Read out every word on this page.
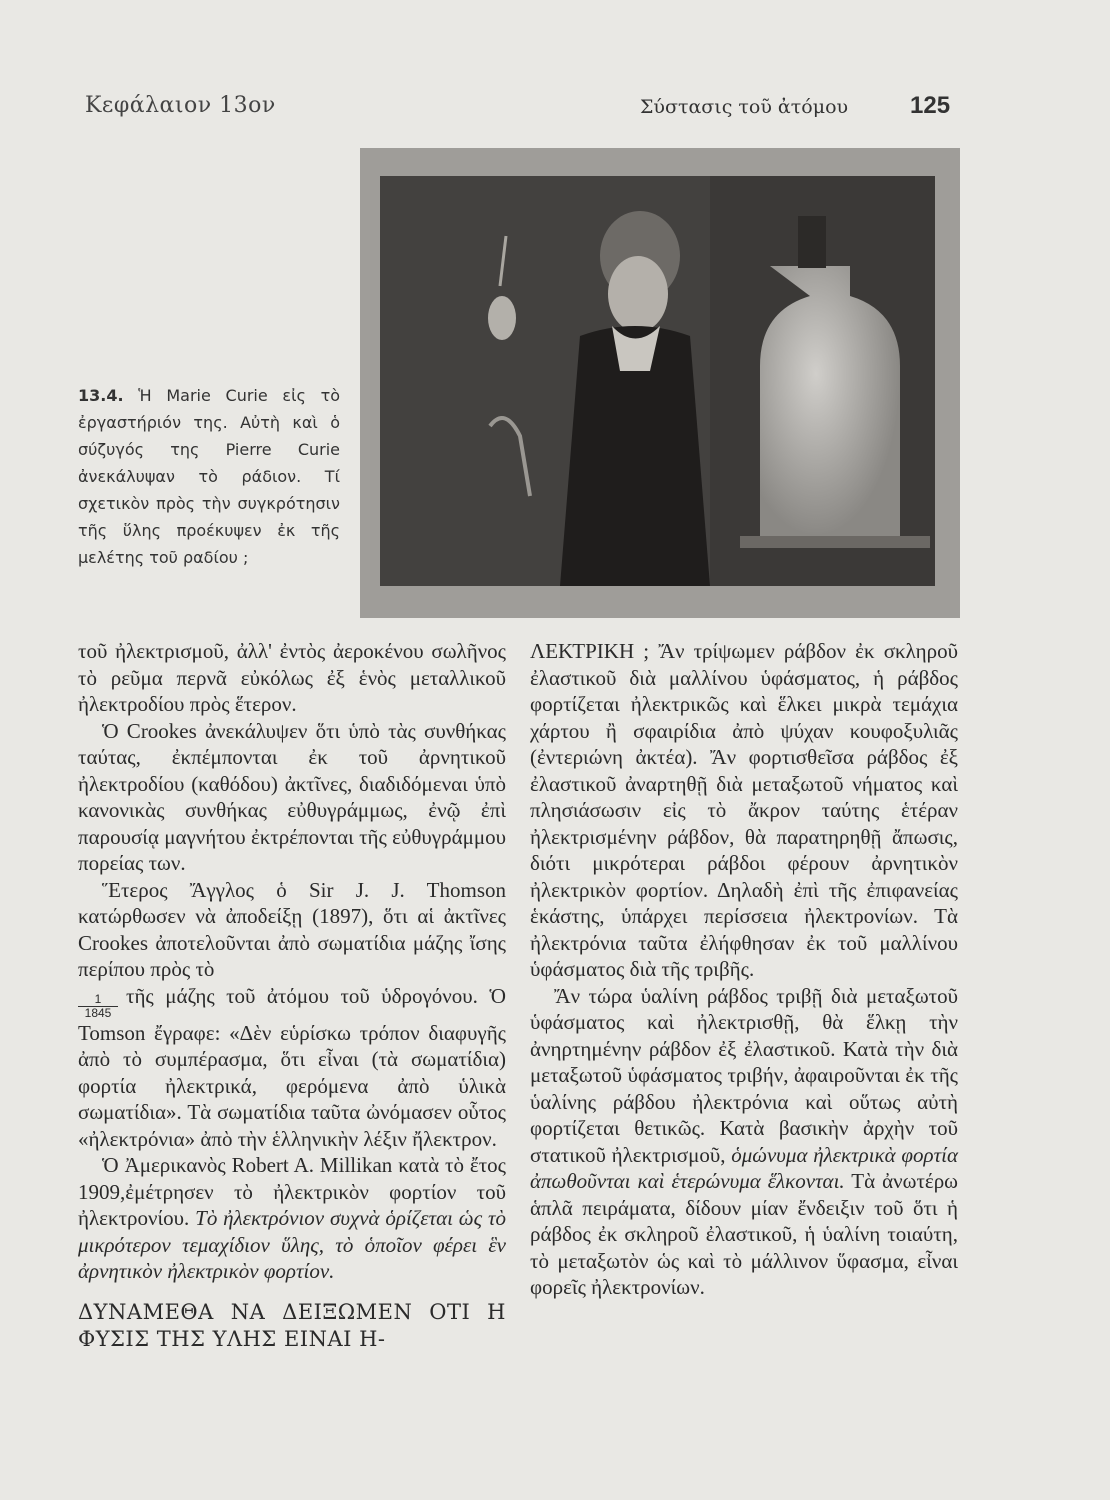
Κεφάλαιον 13ον	Σύστασις τοῦ ἀτόμου	125
13.4. Ἡ Marie Curie εἰς τὸ ἐργαστήριόν της. Αὐτὴ καὶ ὁ σύζυγός της Pierre Curie ἀνεκάλυψαν τὸ ράδιον. Τί σχετικὸν πρὸς τὴν συγκρότησιν τῆς ὕλης προέκυψεν ἐκ τῆς μελέτης τοῦ ραδίου ;

τοῦ ἠλεκτρισμοῦ, ἀλλ' ἐντὸς ἀεροκένου σωλῆνος τὸ ρεῦμα περνᾶ εὐκόλως ἐξ ἑνὸς μεταλλικοῦ ἠλεκτροδίου πρὸς ἕτερον.

Ὁ Crookes ἀνεκάλυψεν ὅτι ὑπὸ τὰς συνθήκας ταύτας, ἐκπέμπονται ἐκ τοῦ ἀρνητικοῦ ἠλεκτροδίου (καθόδου) ἀκτῖνες, διαδιδόμεναι ὑπὸ κανονικὰς συνθήκας εὐθυγράμμως, ἐνῷ ἐπὶ παρουσίᾳ μαγνήτου ἐκτρέπονται τῆς εὐθυγράμμου πορείας των.

Ἕτερος Ἄγγλος ὁ Sir J. J. Thomson κατώρθωσεν νὰ ἀποδείξῃ (1897), ὅτι αἱ ἀκτῖνες Crookes ἀποτελοῦνται ἀπὸ σωματίδια μάζης ἴσης περίπου πρὸς τὸ

$\frac{1}{1845}$ τῆς μάζης τοῦ ἀτόμου τοῦ ὑδρογόνου. Ὁ Tomson ἔγραφε: «Δὲν εὑρίσκω τρόπον διαφυγῆς ἀπὸ τὸ συμπέρασμα, ὅτι εἶναι (τὰ σωματίδια) φορτία ἠλεκτρικά, φερόμενα ἀπὸ ὑλικὰ σωματίδια». Τὰ σωματίδια ταῦτα ὠνόμασεν οὗτος «ἠλεκτρόνια» ἀπὸ τὴν ἑλληνικὴν λέξιν ἤλεκτρον.

Ὁ Ἀμερικανὸς Robert A. Millikan κατὰ τὸ ἔτος 1909,ἐμέτρησεν τὸ ἠλεκτρικὸν φορτίον τοῦ ἠλεκτρονίου. Τὸ ἠλεκτρόνιον συχνὰ ὁρίζεται ὡς τὸ μικρότερον τεμαχίδιον ὕλης, τὸ ὁποῖον φέρει ἓν ἀρνητικὸν ἠλεκτρικὸν φορτίον.

ΔΥΝΑΜΕΘΑ ΝΑ ΔΕΙΞΩΜΕΝ ΟΤΙ Η ΦΥΣΙΣ ΤΗΣ ΥΛΗΣ ΕΙΝΑΙ Η-

ΛΕΚΤΡΙΚΗ ; Ἄν τρίψωμεν ράβδον ἐκ σκληροῦ ἐλαστικοῦ διὰ μαλλίνου ὑφάσματος, ἡ ράβδος φορτίζεται ἠλεκτρικῶς καὶ ἕλκει μικρὰ τεμάχια χάρτου ἢ σφαιρίδια ἀπὸ ψύχαν κουφοξυλιᾶς (ἐντεριώνη ἀκτέα). Ἄν φορτισθεῖσα ράβδος ἐξ ἐλαστικοῦ ἀναρτηθῇ διὰ μεταξωτοῦ νήματος καὶ πλησιάσωσιν εἰς τὸ ἄκρον ταύτης ἑτέραν ἠλεκτρισμένην ράβδον, θὰ παρατηρηθῇ ἄπωσις, διότι μικρότεραι ράβδοι φέρουν ἀρνητικὸν ἠλεκτρικὸν φορτίον. Δηλαδὴ ἐπὶ τῆς ἐπιφανείας ἑκάστης, ὑπάρχει περίσσεια ἠλεκτρονίων. Τὰ ἠλεκτρόνια ταῦτα ἐλήφθησαν ἐκ τοῦ μαλλίνου ὑφάσματος διὰ τῆς τριβῆς.

Ἄν τώρα ὑαλίνη ράβδος τριβῇ διὰ μεταξωτοῦ ὑφάσματος καὶ ἠλεκτρισθῇ, θὰ ἕλκῃ τὴν ἀνηρτημένην ράβδον ἐξ ἐλαστικοῦ. Κατὰ τὴν διὰ μεταξωτοῦ ὑφάσματος τριβήν, ἀφαιροῦνται ἐκ τῆς ὑαλίνης ράβδου ἠλεκτρόνια καὶ οὕτως αὐτὴ φορτίζεται θετικῶς. Κατὰ βασικὴν ἀρχὴν τοῦ στατικοῦ ἠλεκτρισμοῦ, ὁμώνυμα ἠλεκτρικὰ φορτία ἀπωθοῦνται καὶ ἑτερώνυμα ἕλκονται. Τὰ ἀνωτέρω ἁπλᾶ πειράματα, δίδουν μίαν ἔνδειξιν τοῦ ὅτι ἡ ράβδος ἐκ σκληροῦ ἐλαστικοῦ, ἡ ὑαλίνη τοιαύτη, τὸ μεταξωτὸν ὡς καὶ τὸ μάλλινον ὕφασμα, εἶναι φορεῖς ἠλεκτρονίων.
